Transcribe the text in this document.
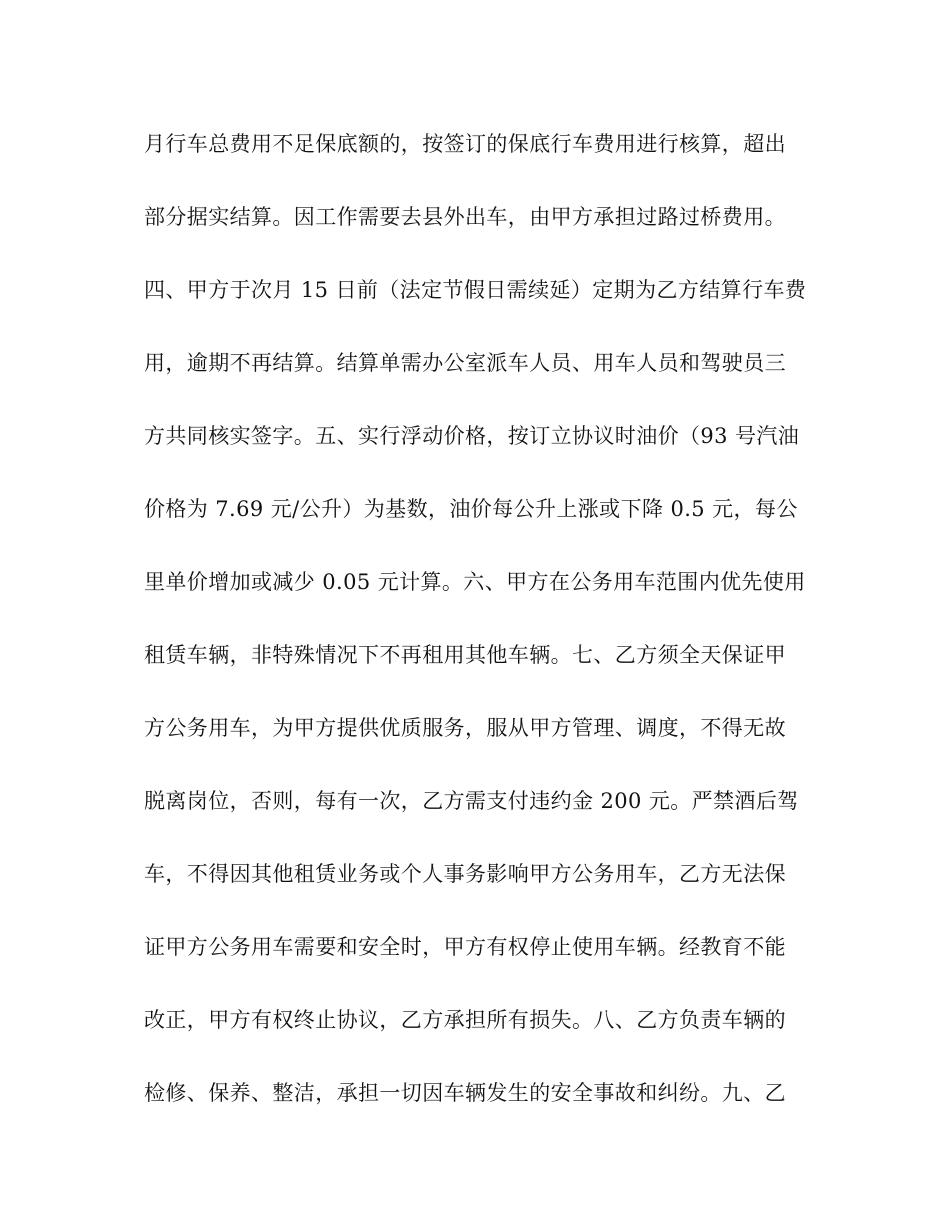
月行车总费用不足保底额的，按签订的保底行车费用进行核算，超出
部分据实结算。因工作需要去县外出车，由甲方承担过路过桥费用。
四、甲方于次月 15 日前（法定节假日需续延）定期为乙方结算行车费
用，逾期不再结算。结算单需办公室派车人员、用车人员和驾驶员三
方共同核实签字。五、实行浮动价格，按订立协议时油价（93 号汽油
价格为 7.69 元/公升）为基数，油价每公升上涨或下降 0.5 元，每公
里单价增加或减少 0.05 元计算。六、甲方在公务用车范围内优先使用
租赁车辆，非特殊情况下不再租用其他车辆。七、乙方须全天保证甲
方公务用车，为甲方提供优质服务，服从甲方管理、调度，不得无故
脱离岗位，否则，每有一次，乙方需支付违约金 200 元。严禁酒后驾
车，不得因其他租赁业务或个人事务影响甲方公务用车，乙方无法保
证甲方公务用车需要和安全时，甲方有权停止使用车辆。经教育不能
改正，甲方有权终止协议，乙方承担所有损失。八、乙方负责车辆的
检修、保养、整洁，承担一切因车辆发生的安全事故和纠纷。九、乙
